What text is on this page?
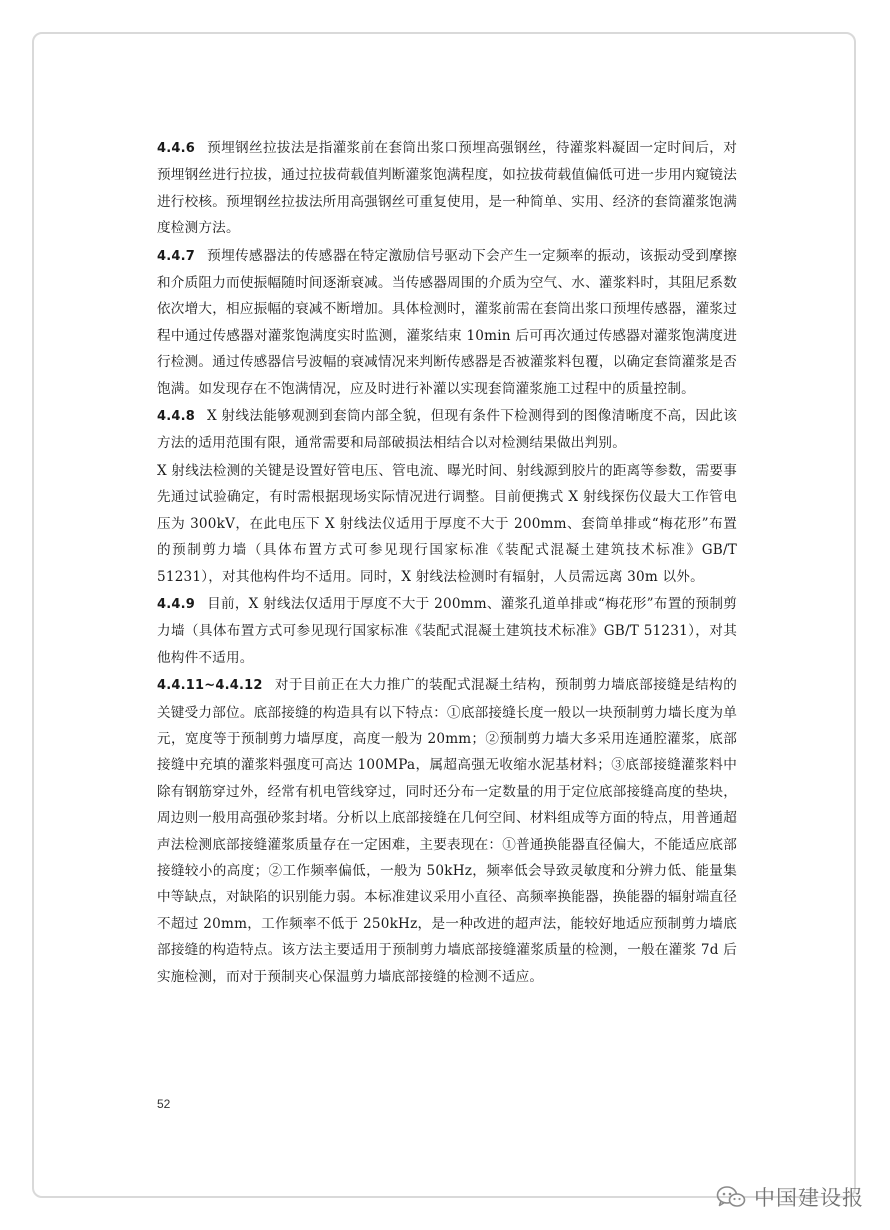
4.4.6 预埋钢丝拉拔法是指灌浆前在套筒出浆口预埋高强钢丝，待灌浆料凝固一定时间后，对预埋钢丝进行拉拔，通过拉拔荷载值判断灌浆饱满程度，如拉拔荷载值偏低可进一步用内窥镜法进行校核。预埋钢丝拉拔法所用高强钢丝可重复使用，是一种简单、实用、经济的套筒灌浆饱满度检测方法。

4.4.7 预埋传感器法的传感器在特定激励信号驱动下会产生一定频率的振动，该振动受到摩擦和介质阻力而使振幅随时间逐渐衰减。当传感器周围的介质为空气、水、灌浆料时，其阻尼系数依次增大，相应振幅的衰减不断增加。具体检测时，灌浆前需在套筒出浆口预埋传感器，灌浆过程中通过传感器对灌浆饱满度实时监测，灌浆结束 10min 后可再次通过传感器对灌浆饱满度进行检测。通过传感器信号波幅的衰减情况来判断传感器是否被灌浆料包覆，以确定套筒灌浆是否饱满。如发现存在不饱满情况，应及时进行补灌以实现套筒灌浆施工过程中的质量控制。

4.4.8 X 射线法能够观测到套筒内部全貌，但现有条件下检测得到的图像清晰度不高，因此该方法的适用范围有限，通常需要和局部破损法相结合以对检测结果做出判别。

X 射线法检测的关键是设置好管电压、管电流、曝光时间、射线源到胶片的距离等参数，需要事先通过试验确定，有时需根据现场实际情况进行调整。目前便携式 X 射线探伤仪最大工作管电压为 300kV，在此电压下 X 射线法仪适用于厚度不大于 200mm、套筒单排或“梅花形”布置的预制剪力墙（具体布置方式可参见现行国家标准《装配式混凝土建筑技术标准》GB/T 51231），对其他构件均不适用。同时，X 射线法检测时有辐射，人员需远离 30m 以外。

4.4.9 目前，X 射线法仅适用于厚度不大于 200mm、灌浆孔道单排或“梅花形”布置的预制剪力墙（具体布置方式可参见现行国家标准《装配式混凝土建筑技术标准》GB/T 51231），对其他构件不适用。

4.4.11~4.4.12 对于目前正在大力推广的装配式混凝土结构，预制剪力墙底部接缝是结构的关键受力部位。底部接缝的构造具有以下特点：①底部接缝长度一般以一块预制剪力墙长度为单元，宽度等于预制剪力墙厚度，高度一般为 20mm；②预制剪力墙大多采用连通腔灌浆，底部接缝中充填的灌浆料强度可高达 100MPa，属超高强无收缩水泥基材料；③底部接缝灌浆料中除有钢筋穿过外，经常有机电管线穿过，同时还分布一定数量的用于定位底部接缝高度的垫块，周边则一般用高强砂浆封堵。分析以上底部接缝在几何空间、材料组成等方面的特点，用普通超声法检测底部接缝灌浆质量存在一定困难，主要表现在：①普通换能器直径偏大，不能适应底部接缝较小的高度；②工作频率偏低，一般为 50kHz，频率低会导致灵敏度和分辨力低、能量集中等缺点，对缺陷的识别能力弱。本标准建议采用小直径、高频率换能器，换能器的辐射端直径不超过 20mm，工作频率不低于 250kHz，是一种改进的超声法，能较好地适应预制剪力墙底部接缝的构造特点。该方法主要适用于预制剪力墙底部接缝灌浆质量的检测，一般在灌浆 7d 后实施检测，而对于预制夹心保温剪力墙底部接缝的检测不适应。

52
中国建设报
